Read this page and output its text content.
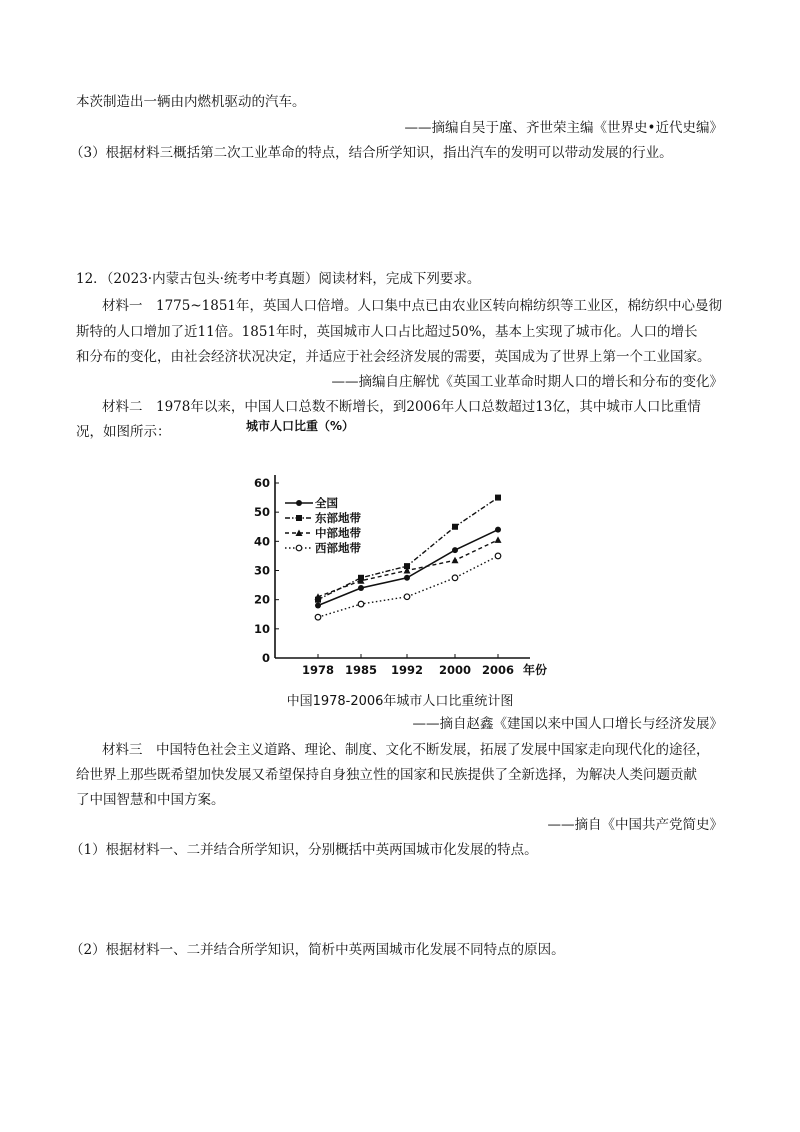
本茨制造出一辆由内燃机驱动的汽车。
——摘编自吴于廑、齐世荣主编《世界史•近代史编》
（3）根据材料三概括第二次工业革命的特点，结合所学知识，指出汽车的发明可以带动发展的行业。
12．（2023·内蒙古包头·统考中考真题）阅读材料，完成下列要求。
材料一　1775~1851年，英国人口倍增。人口集中点已由农业区转向棉纺织等工业区，棉纺织中心曼彻
斯特的人口增加了近11倍。1851年时，英国城市人口占比超过50%，基本上实现了城市化。人口的增长
和分布的变化，由社会经济状况决定，并适应于社会经济发展的需要，英国成为了世界上第一个工业国家。
——摘编自庄解忧《英国工业革命时期人口的增长和分布的变化》
材料二　1978年以来，中国人口总数不断增长，到2006年人口总数超过13亿，其中城市人口比重情
况，如图所示：	城市人口比重（%）
年份
0
10
20
30
40
50
60
1978 1985 1992 2000 2006
全国
东部地带
中部地带
西部地带
中国1978-2006年城市人口比重统计图
——摘自赵鑫《建国以来中国人口增长与经济发展》
材料三　中国特色社会主义道路、理论、制度、文化不断发展，拓展了发展中国家走向现代化的途径，
给世界上那些既希望加快发展又希望保持自身独立性的国家和民族提供了全新选择，为解决人类问题贡献
了中国智慧和中国方案。
——摘自《中国共产党简史》
（1）根据材料一、二并结合所学知识，分别概括中英两国城市化发展的特点。
（2）根据材料一、二并结合所学知识，简析中英两国城市化发展不同特点的原因。
